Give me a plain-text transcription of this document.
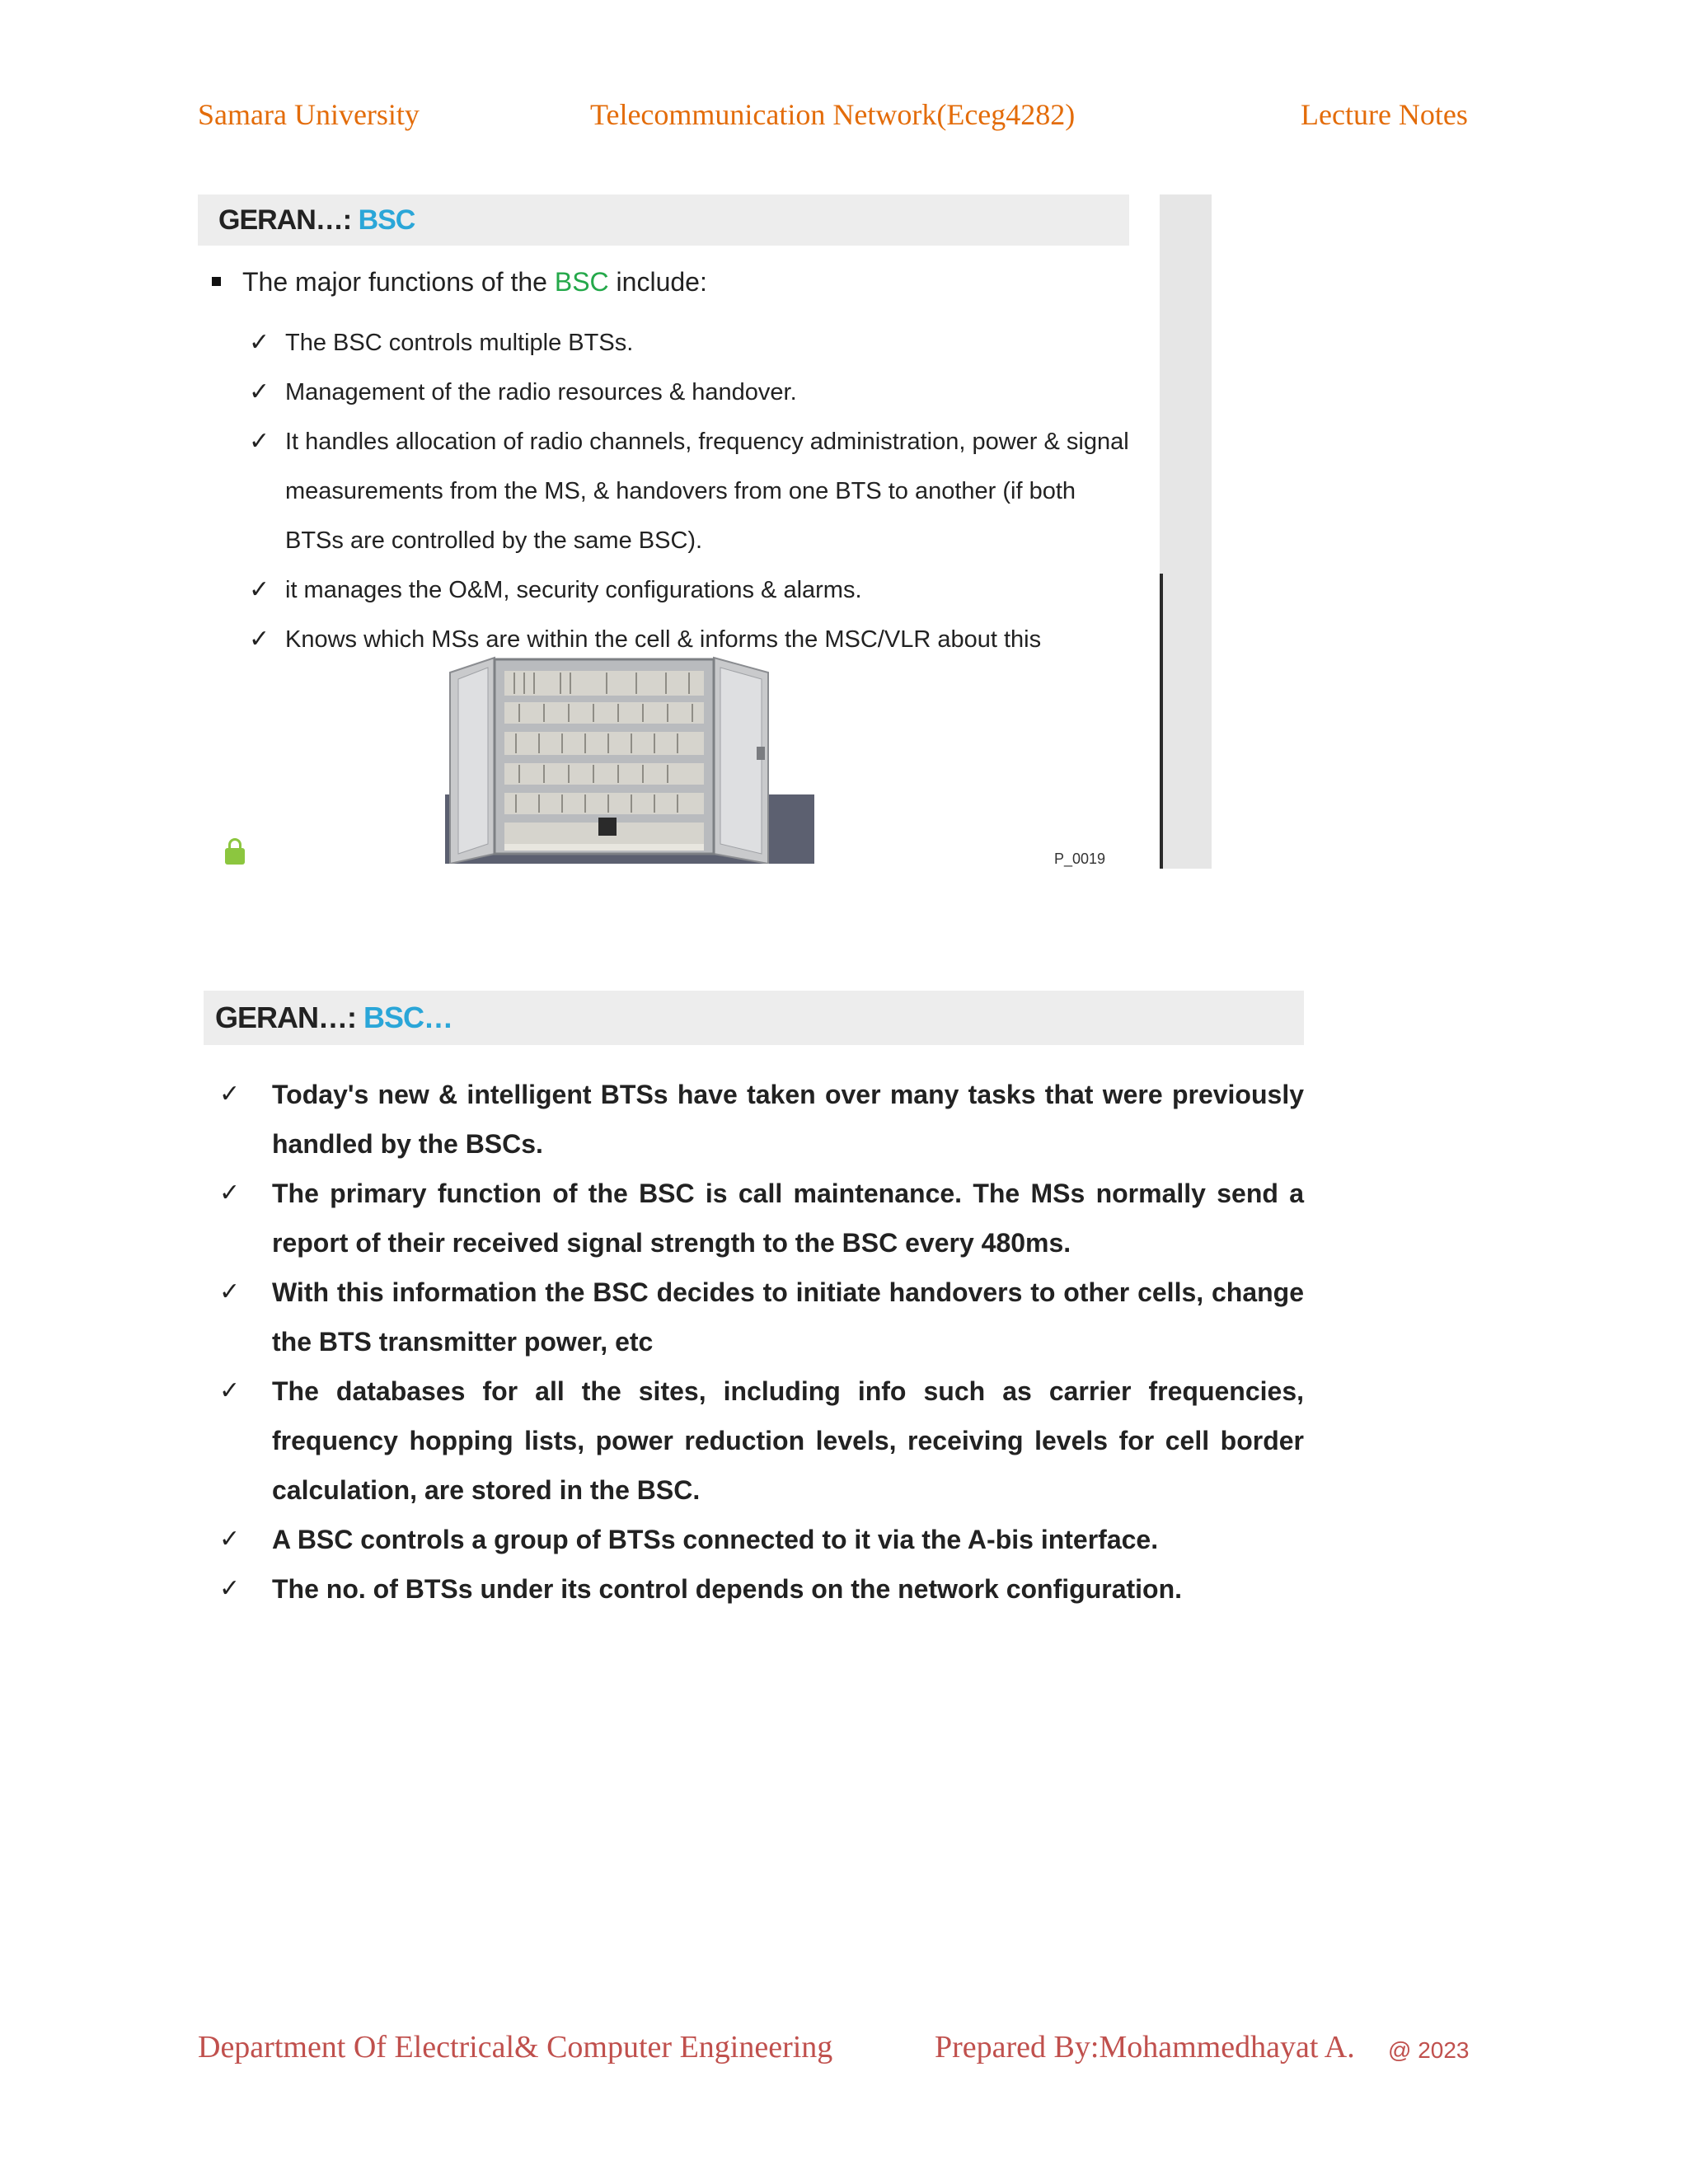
Samara University	Telecommunication Network(Eceg4282)	Lecture Notes
GERAN…: BSC
The major functions of the BSC include:
✓ The BSC controls multiple BTSs.
✓ Management of the radio resources & handover.
✓ It handles allocation of radio channels, frequency administration, power & signal measurements from the MS, & handovers from one BTS to another (if both BTSs are controlled by the same BSC).
✓ it manages the O&M, security configurations & alarms.
✓ Knows which MSs are within the cell & informs the MSC/VLR about this
P_0019
GERAN…: BSC…
✓ Today's new & intelligent BTSs have taken over many tasks that were previously handled by the BSCs.
✓ The primary function of the BSC is call maintenance. The MSs normally send a report of their received signal strength to the BSC every 480ms.
✓ With this information the BSC decides to initiate handovers to other cells, change the BTS transmitter power, etc
✓ The databases for all the sites, including info such as carrier frequencies, frequency hopping lists, power reduction levels, receiving levels for cell border calculation, are stored in the BSC.
✓ A BSC controls a group of BTSs connected to it via the A-bis interface.
✓ The no. of BTSs under its control depends on the network configuration.
Department Of Electrical& Computer Engineering	Prepared By:Mohammedhayat A. @ 2023
